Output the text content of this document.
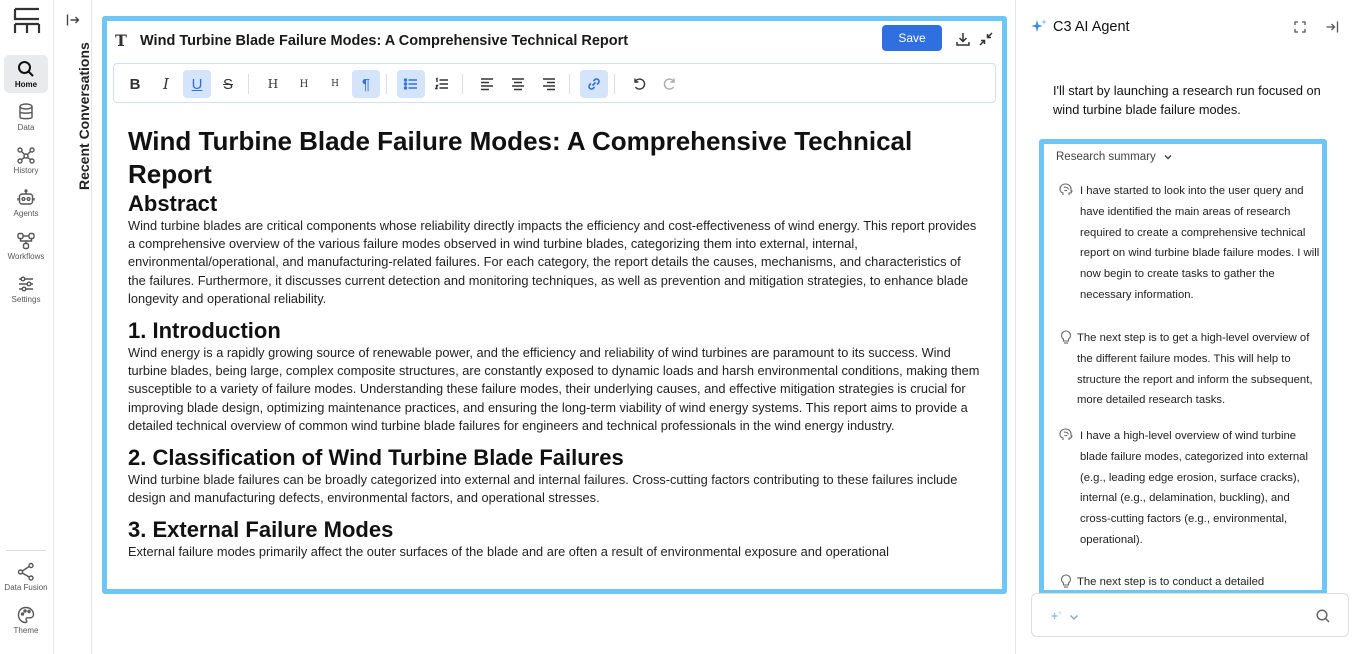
Home
Data
History
Agents
Workflows
Settings
Data Fusion
Theme
Recent Conversations
T Wind Turbine Blade Failure Modes: A Comprehensive Technical Report	Save
B	I	U	S	H	H	H	¶
Wind Turbine Blade Failure Modes: A Comprehensive Technical Report
Abstract

Wind turbine blades are critical components whose reliability directly impacts the efficiency and cost-effectiveness of wind energy. This report provides a comprehensive overview of the various failure modes observed in wind turbine blades, categorizing them into external, internal, environmental/operational, and manufacturing-related failures. For each category, the report details the causes, mechanisms, and characteristics of the failures. Furthermore, it discusses current detection and monitoring techniques, as well as prevention and mitigation strategies, to enhance blade longevity and operational reliability.

1. Introduction

Wind energy is a rapidly growing source of renewable power, and the efficiency and reliability of wind turbines are paramount to its success. Wind turbine blades, being large, complex composite structures, are constantly exposed to dynamic loads and harsh environmental conditions, making them susceptible to a variety of failure modes. Understanding these failure modes, their underlying causes, and effective mitigation strategies is crucial for improving blade design, optimizing maintenance practices, and ensuring the long-term viability of wind energy systems. This report aims to provide a detailed technical overview of common wind turbine blade failures for engineers and technical professionals in the wind energy industry.

2. Classification of Wind Turbine Blade Failures

Wind turbine blade failures can be broadly categorized into external and internal failures. Cross-cutting factors contributing to these failures include design and manufacturing defects, environmental factors, and operational stresses.

3. External Failure Modes

External failure modes primarily affect the outer surfaces of the blade and are often a result of environmental exposure and operational

C3 AI Agent

I'll start by launching a research run focused on wind turbine blade failure modes.

Research summary
I have started to look into the user query and have identified the main areas of research required to create a comprehensive technical report on wind turbine blade failure modes. I will now begin to create tasks to gather the necessary information.
The next step is to get a high-level overview of the different failure modes. This will help to structure the report and inform the subsequent, more detailed research tasks.
I have a high-level overview of wind turbine blade failure modes, categorized into external (e.g., leading edge erosion, surface cracks), internal (e.g., delamination, buckling), and cross-cutting factors (e.g., environmental, operational).
The next step is to conduct a detailed
